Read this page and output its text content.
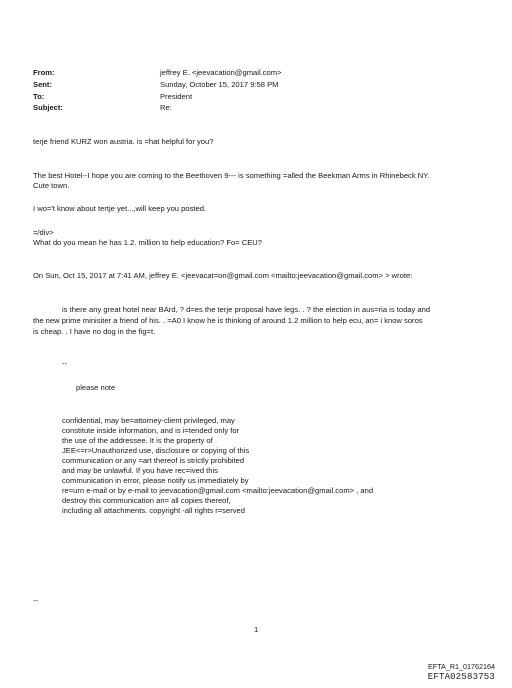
From:	jeffrey E. <jeevacation@gmail.com>
Sent:	Sunday, October 15, 2017 9:58 PM
To:	President
Subject:	Re:
terje friend KURZ won austria. is =hat helpful for you?
The best Hotel--I hope you are coming to the Beethoven 9--- is something =alled the Beekman Arms in Rhinebeck NY.
Cute town.
I wo='t know about tertje yet...,will keep you posted.
=/div>
What do you mean he has 1.2. million to help education? Fo= CEU?
On Sun, Oct 15, 2017 at 7:41 AM, jeffrey E. <jeevacat=on@gmail.com <mailto:jeevacation@gmail.com> > wrote:
is there any great hotel near BArd, ? d=es the terje proposal have legs. . ? the election in aus=ria is today and
the new prime minisiter a friend of his. . =A0 I know he is thinking of around 1.2 million to help ecu, an= i know soros
is cheap. . I have no dog in the fig=t.
--
please note
confidential, may be=attorney-client privileged, may
constitute inside information, and is i=tended only for
the use of the addressee. It is the property of
JEE<=r>Unauthorized use, disclosure or copying of this
communication or any =art thereof is strictly prohibited
and may be unlawful. If you have rec=ived this
communication in error, please notify us immediately by
re=urn e-mail or by e-mail to jeevacation@gmail.com <mailto:jeevacation@gmail.com> , and
destroy this communication an= all copies thereof,
including all attachments. copyright -all rights r=served
--
1
EFTA_R1_01762164
EFTA02583753
